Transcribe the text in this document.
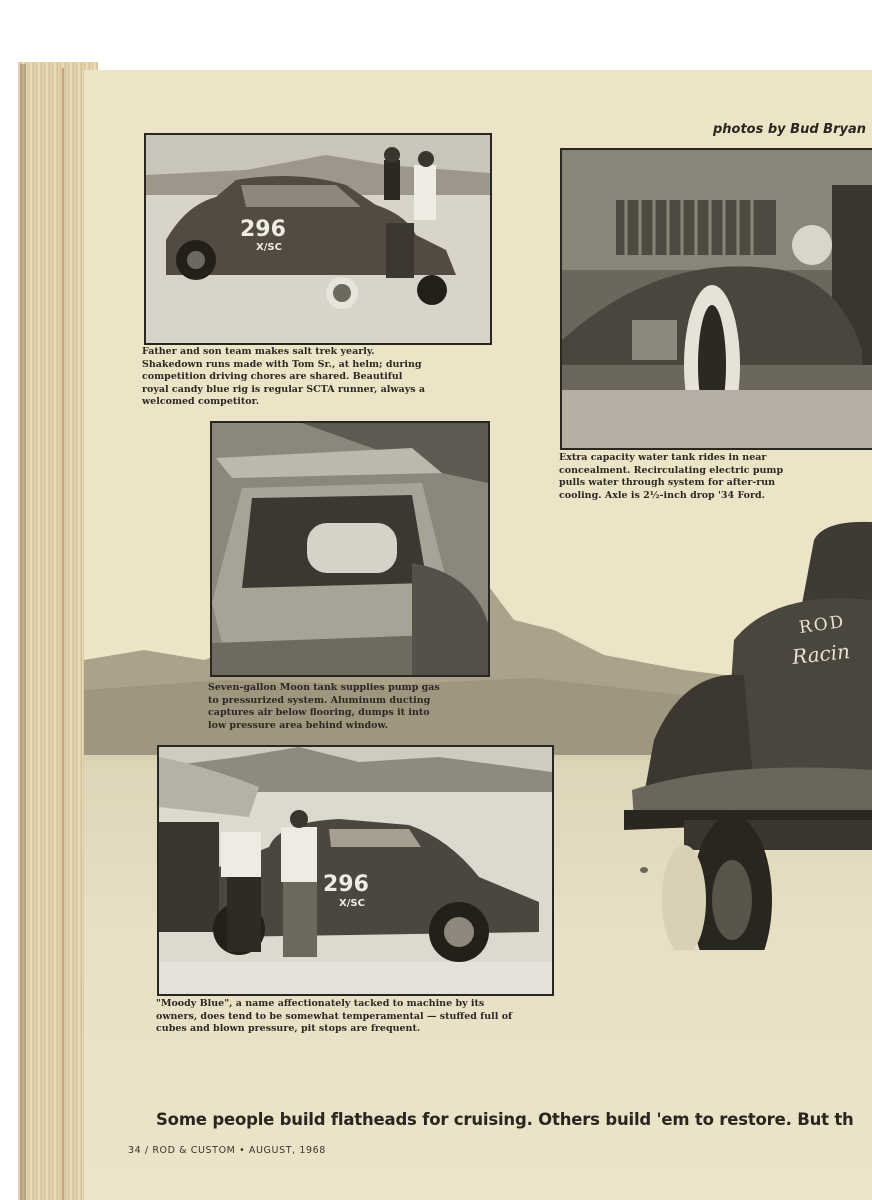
photos by Bud Bryan
296
X/SC
Father and son team makes salt trek yearly. Shakedown runs made with Tom Sr., at helm; during competition driving chores are shared. Beautiful royal candy blue rig is regular SCTA runner, always a welcomed competitor.
Extra capacity water tank rides in near concealment. Recirculating electric pump pulls water through system for after-run cooling. Axle is 2½-inch drop '34 Ford.
Seven-gallon Moon tank supplies pump gas to pressurized system. Aluminum ducting captures air below flooring, dumps it into low pressure area behind window.
296
X/SC
"Moody Blue", a name affectionately tacked to machine by its owners, does tend to be somewhat temperamental — stuffed full of cubes and blown pressure, pit stops are frequent.
ROD
Racin
Some people build flatheads for cruising. Others build 'em to restore. But th
34 / ROD & CUSTOM • AUGUST, 1968
